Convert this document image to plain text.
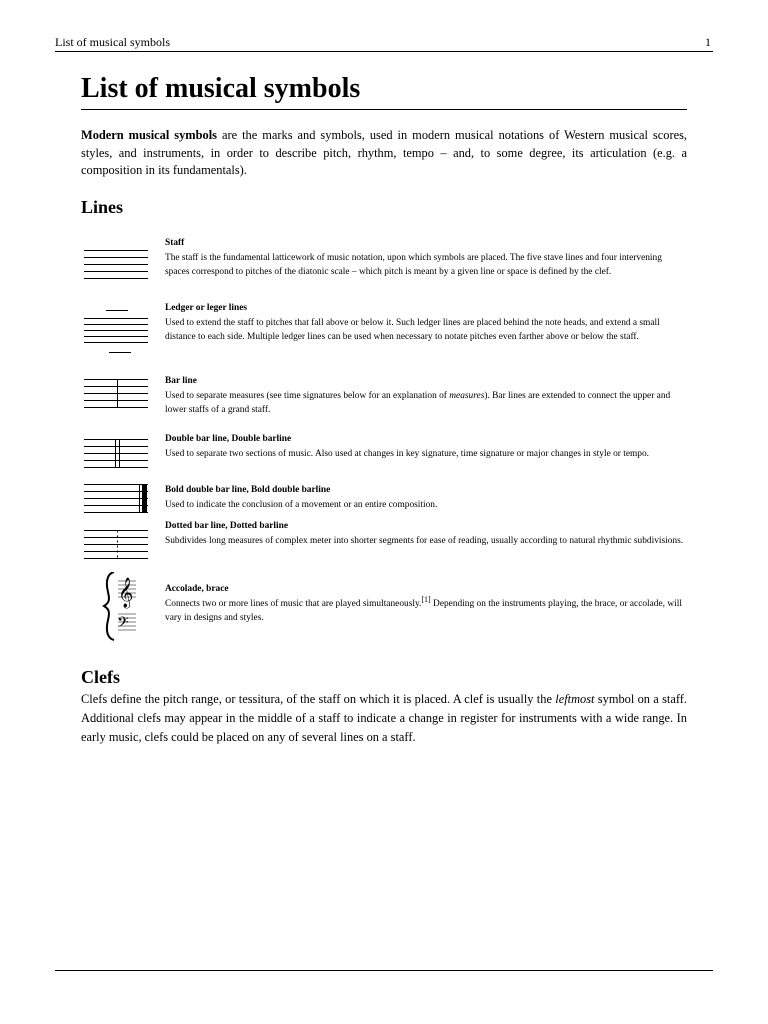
List of musical symbols	1
List of musical symbols

Modern musical symbols are the marks and symbols, used in modern musical notations of Western musical scores, styles, and instruments, in order to describe pitch, rhythm, tempo – and, to some degree, its articulation (e.g. a composition in its fundamentals).

Lines
Staff
The staff is the fundamental latticework of music notation, upon which symbols are placed. The five stave lines and four intervening spaces correspond to pitches of the diatonic scale – which pitch is meant by a given line or space is defined by the clef.
Ledger or leger lines
Used to extend the staff to pitches that fall above or below it. Such ledger lines are placed behind the note heads, and extend a small distance to each side. Multiple ledger lines can be used when necessary to notate pitches even farther above or below the staff.
Bar line
Used to separate measures (see time signatures below for an explanation of measures). Bar lines are extended to connect the upper and lower staffs of a grand staff.
Double bar line, Double barline
Used to separate two sections of music. Also used at changes in key signature, time signature or major changes in style or tempo.
Bold double bar line, Bold double barline
Used to indicate the conclusion of a movement or an entire composition.
Dotted bar line, Dotted barline
Subdivides long measures of complex meter into shorter segments for ease of reading, usually according to natural rhythmic subdivisions.
𝄞
𝄢
Accolade, brace
Connects two or more lines of music that are played simultaneously.[1] Depending on the instruments playing, the brace, or accolade, will vary in designs and styles.
Clefs

Clefs define the pitch range, or tessitura, of the staff on which it is placed. A clef is usually the leftmost symbol on a staff. Additional clefs may appear in the middle of a staff to indicate a change in register for instruments with a wide range. In early music, clefs could be placed on any of several lines on a staff.
